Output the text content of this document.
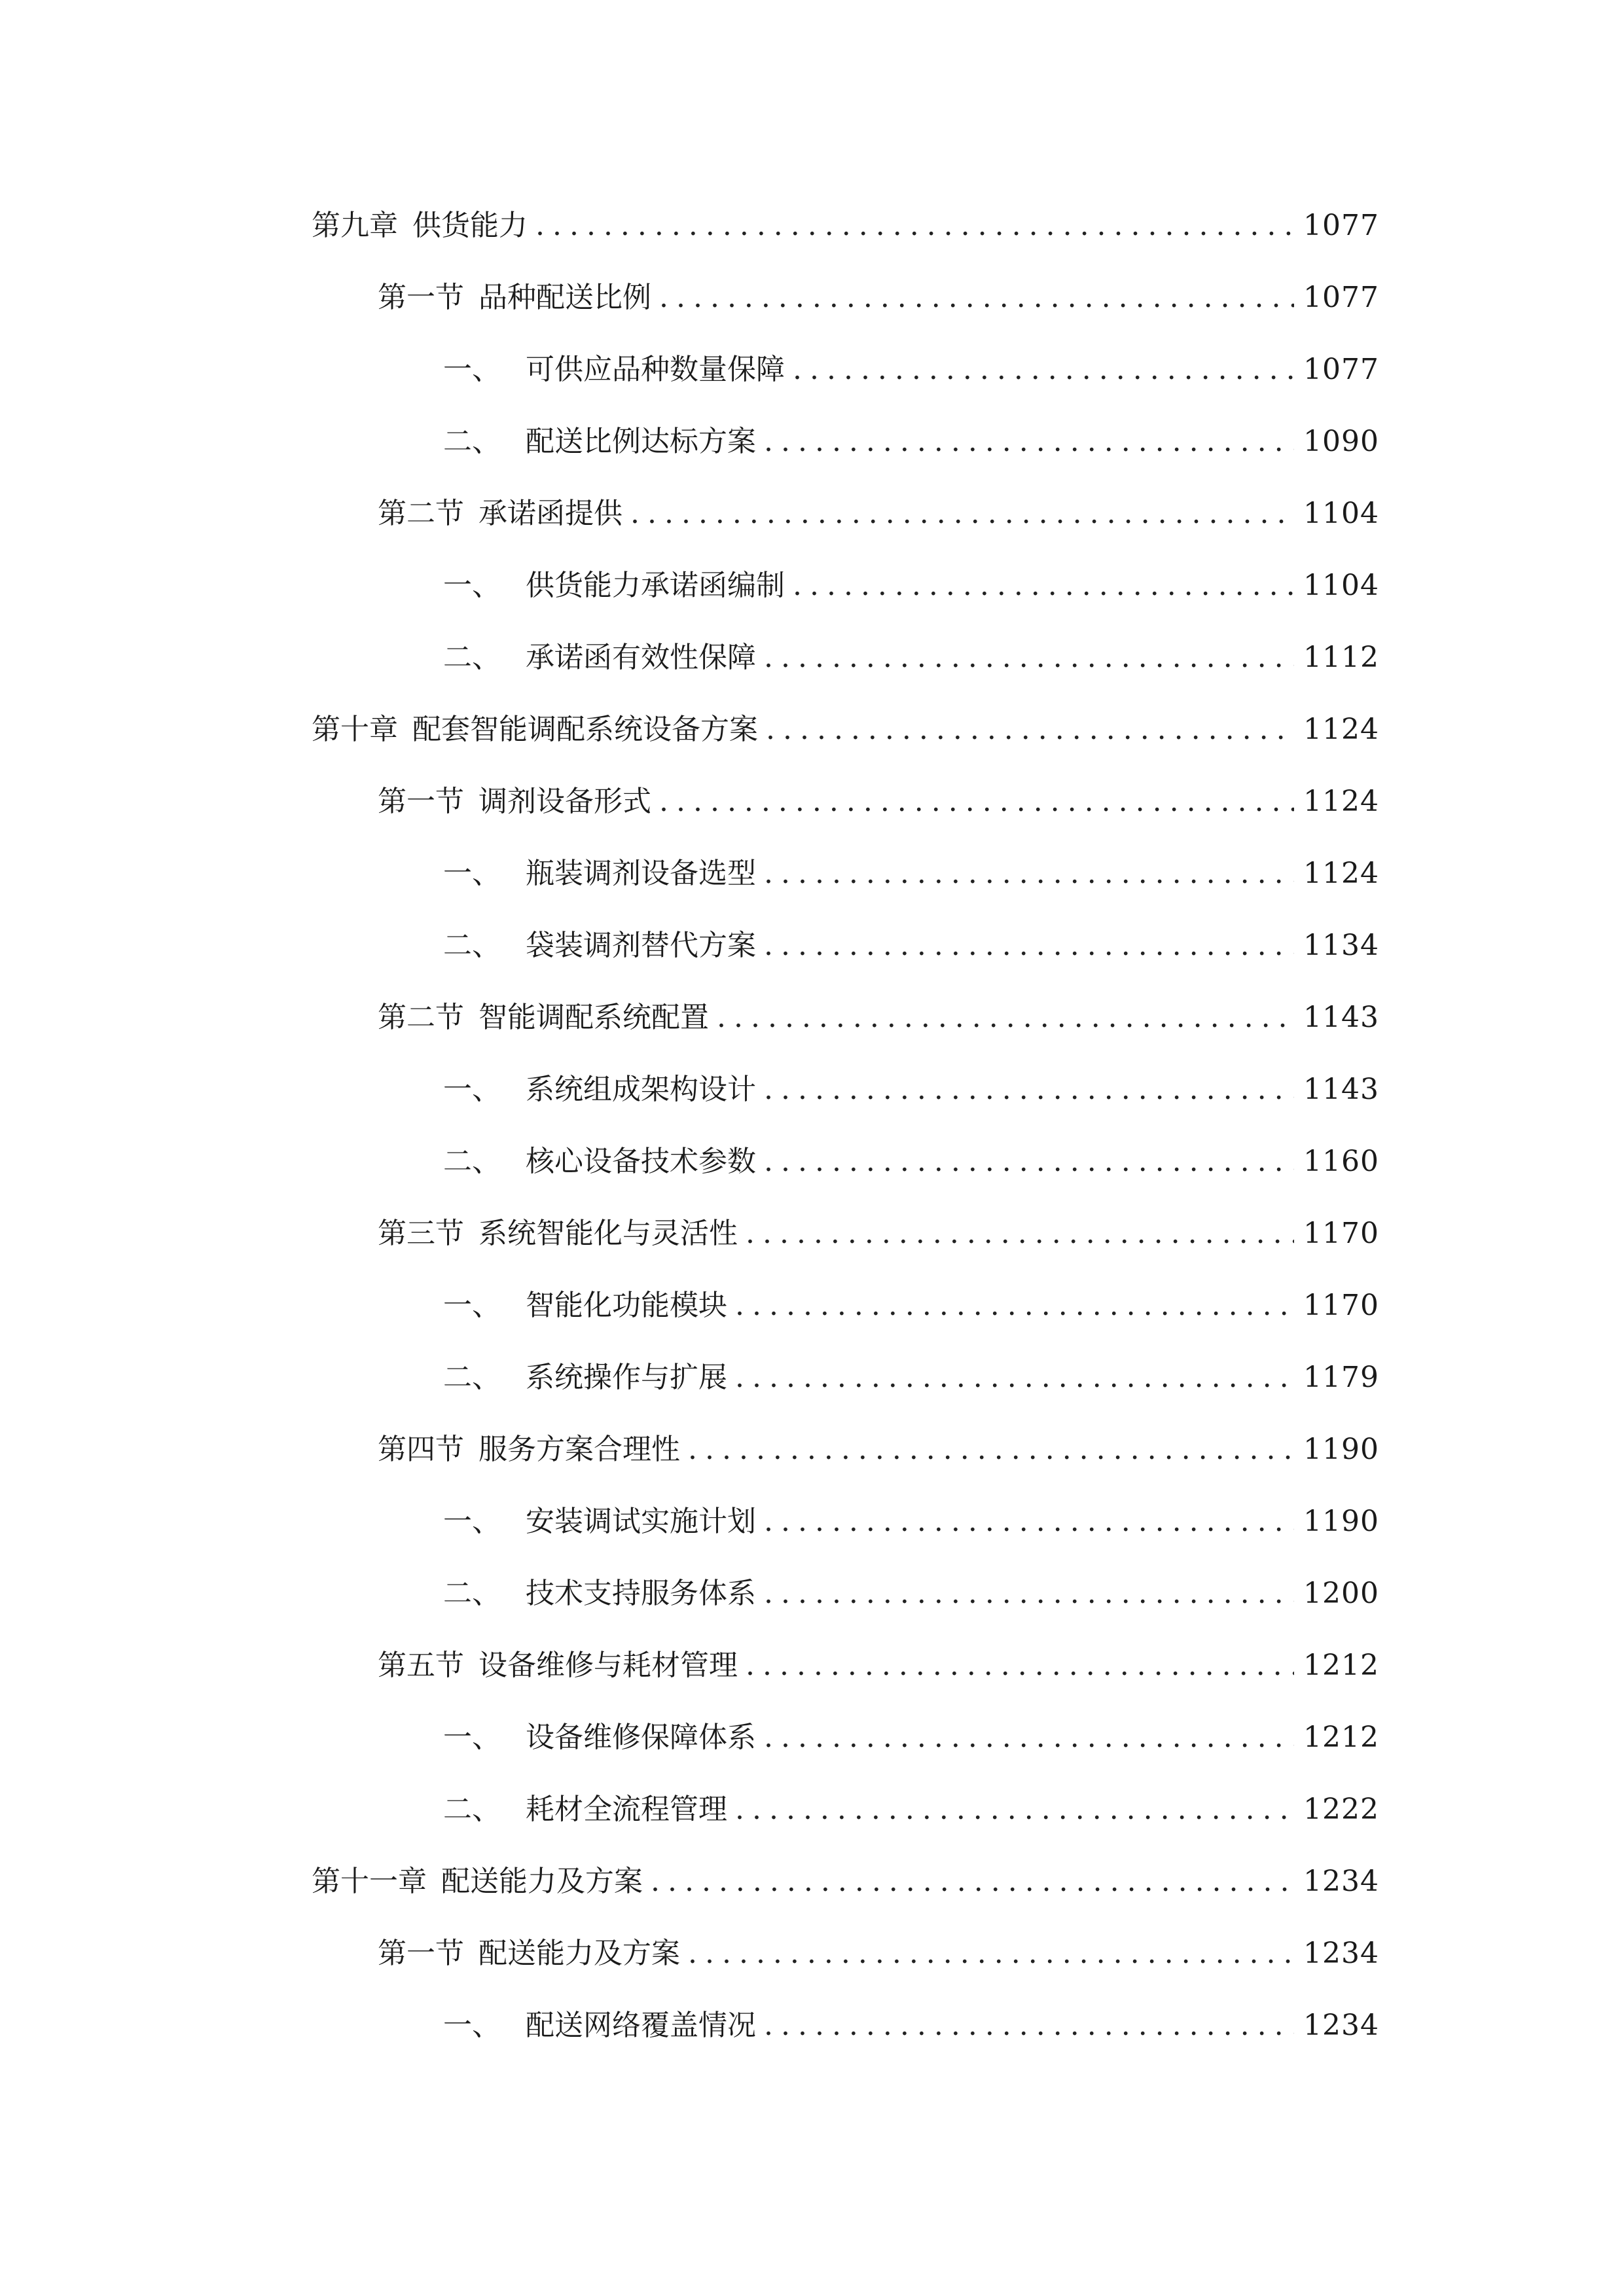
第九章 供货能力 .....	1077
第一节 品种配送比例 .....	1077
一、 可供应品种数量保障 .....	1077
二、 配送比例达标方案 .....	1090
第二节 承诺函提供 .....	1104
一、 供货能力承诺函编制 .....	1104
二、 承诺函有效性保障 .....	1112
第十章 配套智能调配系统设备方案 .....	1124
第一节 调剂设备形式 .....	1124
一、 瓶装调剂设备选型 .....	1124
二、 袋装调剂替代方案 .....	1134
第二节 智能调配系统配置 .....	1143
一、 系统组成架构设计 .....	1143
二、 核心设备技术参数 .....	1160
第三节 系统智能化与灵活性 .....	1170
一、 智能化功能模块 .....	1170
二、 系统操作与扩展 .....	1179
第四节 服务方案合理性 .....	1190
一、 安装调试实施计划 .....	1190
二、 技术支持服务体系 .....	1200
第五节 设备维修与耗材管理 .....	1212
一、 设备维修保障体系 .....	1212
二、 耗材全流程管理 .....	1222
第十一章 配送能力及方案 .....	1234
第一节 配送能力及方案 .....	1234
一、 配送网络覆盖情况 .....	1234
